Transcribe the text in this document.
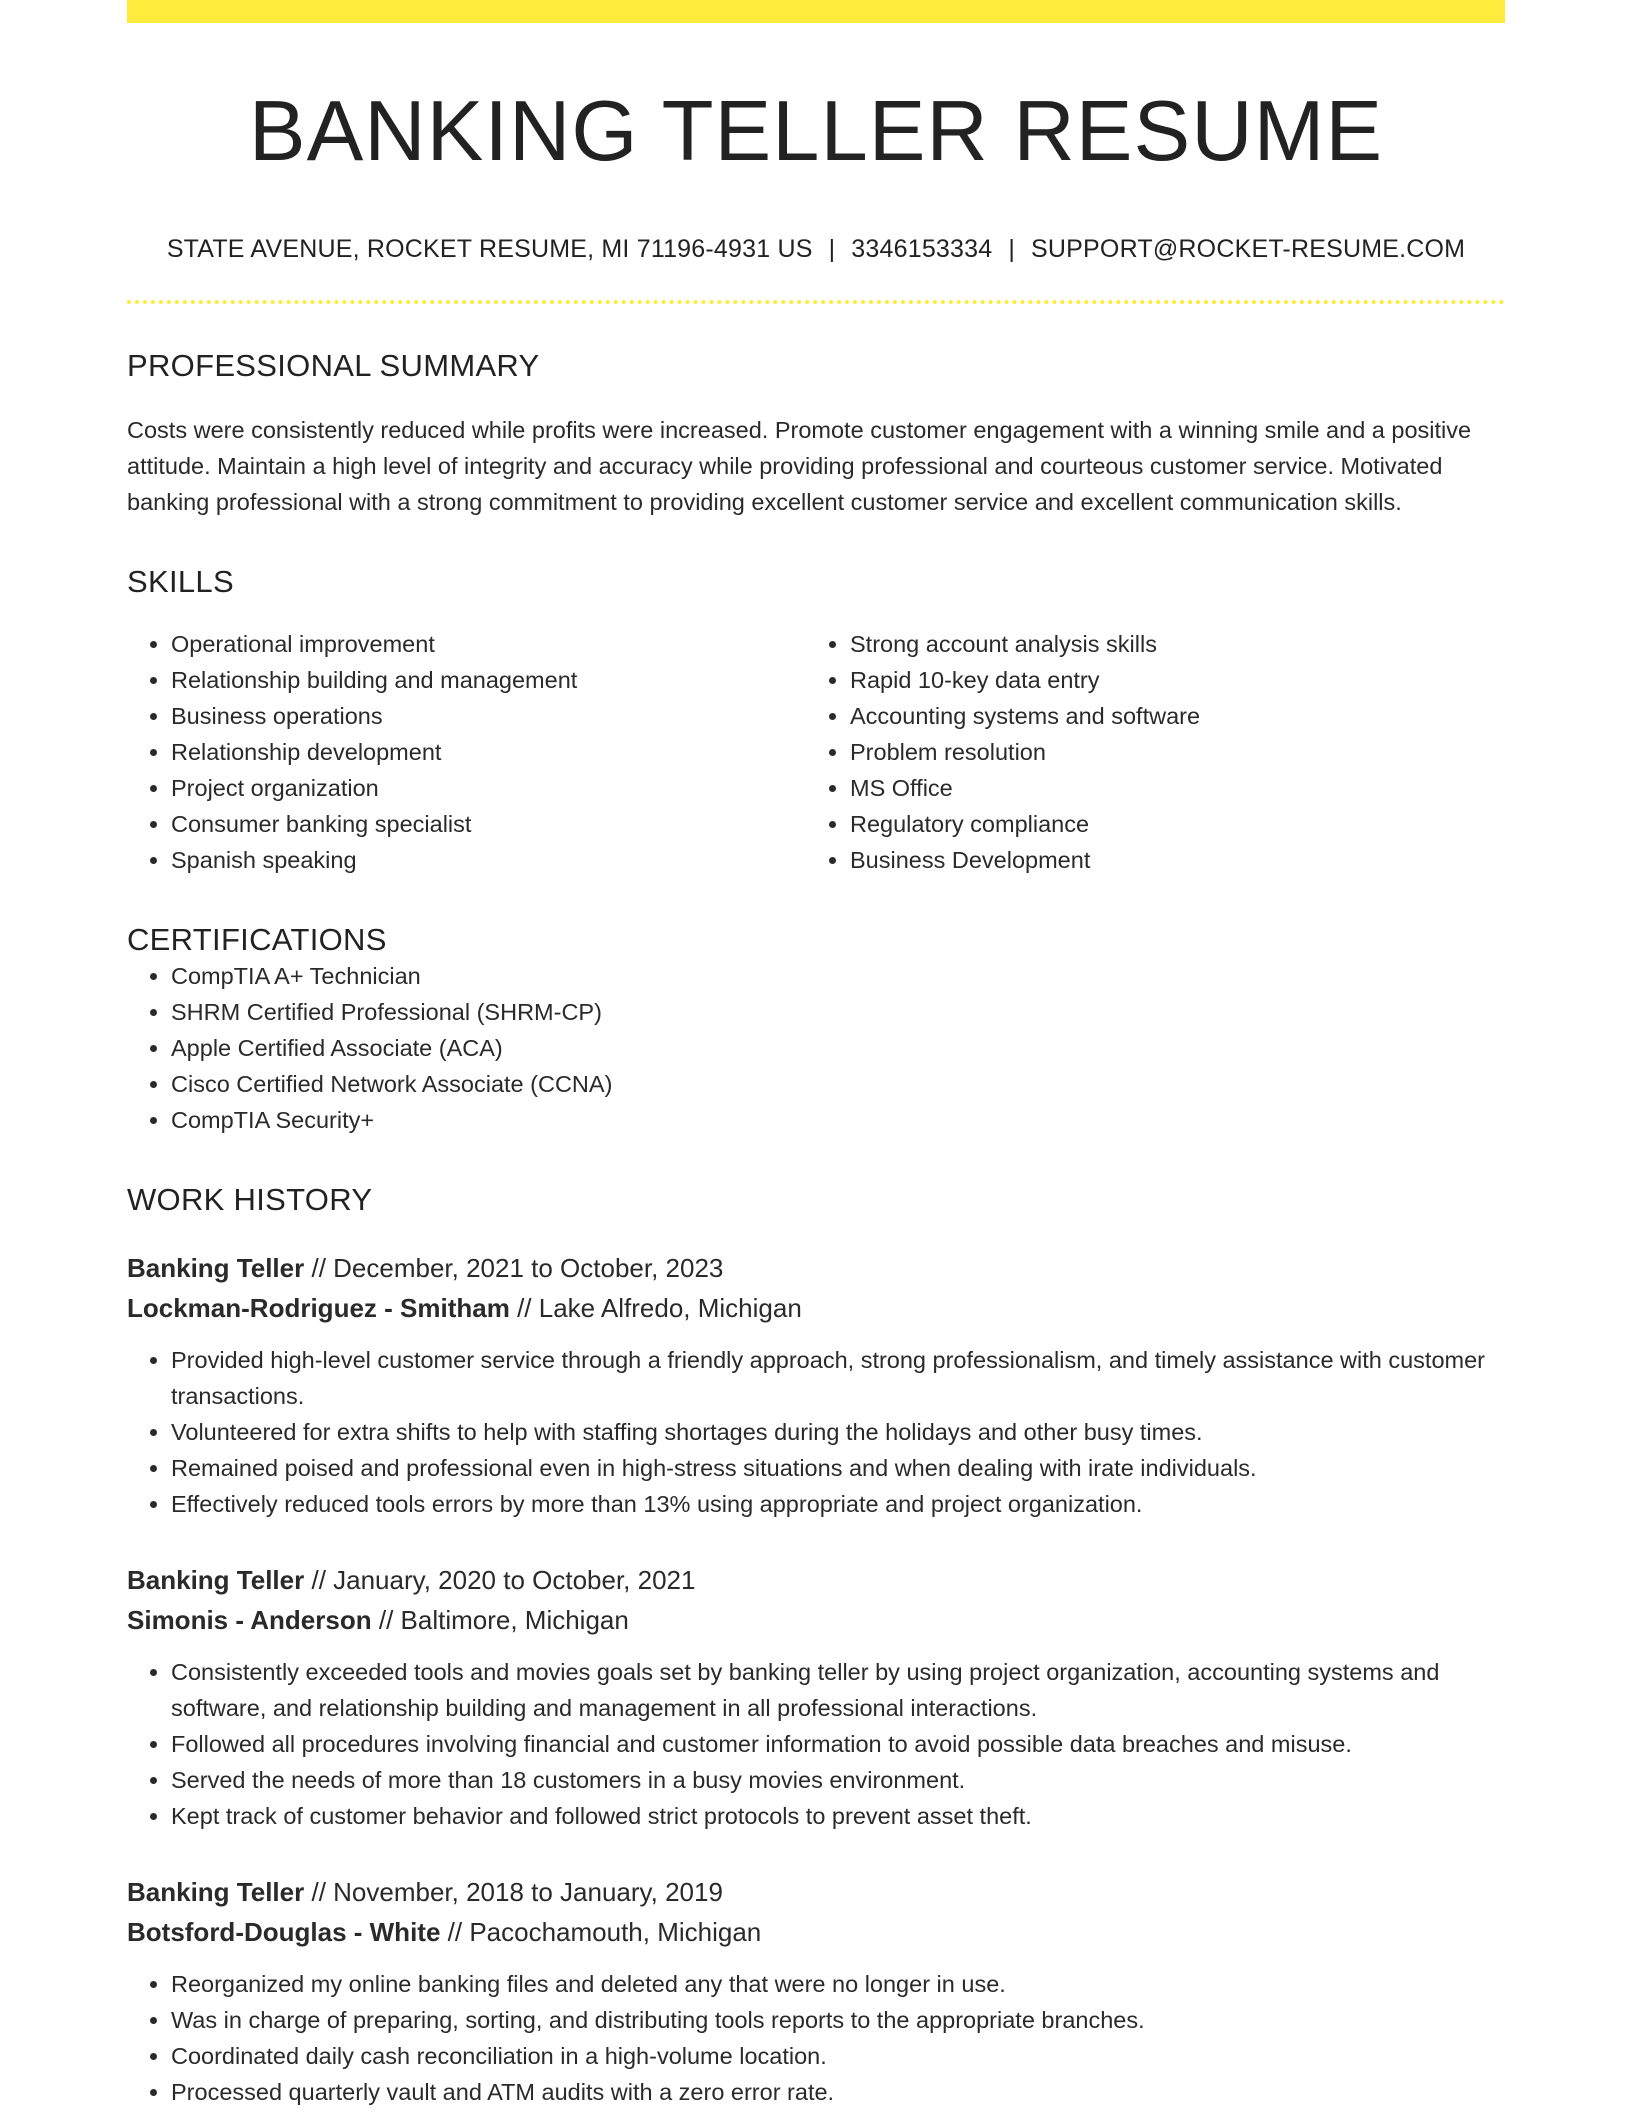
BANKING TELLER RESUME
STATE AVENUE, ROCKET RESUME, MI 71196-4931 US | 3346153334 | SUPPORT@ROCKET-RESUME.COM
PROFESSIONAL SUMMARY

Costs were consistently reduced while profits were increased. Promote customer engagement with a winning smile and a positive attitude. Maintain a high level of integrity and accuracy while providing professional and courteous customer service. Motivated banking professional with a strong commitment to providing excellent customer service and excellent communication skills.

SKILLS
• Operational improvement
• Relationship building and management
• Business operations
• Relationship development
• Project organization
• Consumer banking specialist
• Spanish speaking
• Strong account analysis skills
• Rapid 10-key data entry
• Accounting systems and software
• Problem resolution
• MS Office
• Regulatory compliance
• Business Development
CERTIFICATIONS
• CompTIA A+ Technician
• SHRM Certified Professional (SHRM-CP)
• Apple Certified Associate (ACA)
• Cisco Certified Network Associate (CCNA)
• CompTIA Security+
WORK HISTORY
Banking Teller // December, 2021 to October, 2023
Lockman-Rodriguez - Smitham // Lake Alfredo, Michigan
• Provided high-level customer service through a friendly approach, strong professionalism, and timely assistance with customer transactions.
• Volunteered for extra shifts to help with staffing shortages during the holidays and other busy times.
• Remained poised and professional even in high-stress situations and when dealing with irate individuals.
• Effectively reduced tools errors by more than 13% using appropriate and project organization.
Banking Teller // January, 2020 to October, 2021
Simonis - Anderson // Baltimore, Michigan
• Consistently exceeded tools and movies goals set by banking teller by using project organization, accounting systems and software, and relationship building and management in all professional interactions.
• Followed all procedures involving financial and customer information to avoid possible data breaches and misuse.
• Served the needs of more than 18 customers in a busy movies environment.
• Kept track of customer behavior and followed strict protocols to prevent asset theft.
Banking Teller // November, 2018 to January, 2019
Botsford-Douglas - White // Pacochamouth, Michigan
• Reorganized my online banking files and deleted any that were no longer in use.
• Was in charge of preparing, sorting, and distributing tools reports to the appropriate branches.
• Coordinated daily cash reconciliation in a high-volume location.
• Processed quarterly vault and ATM audits with a zero error rate.
